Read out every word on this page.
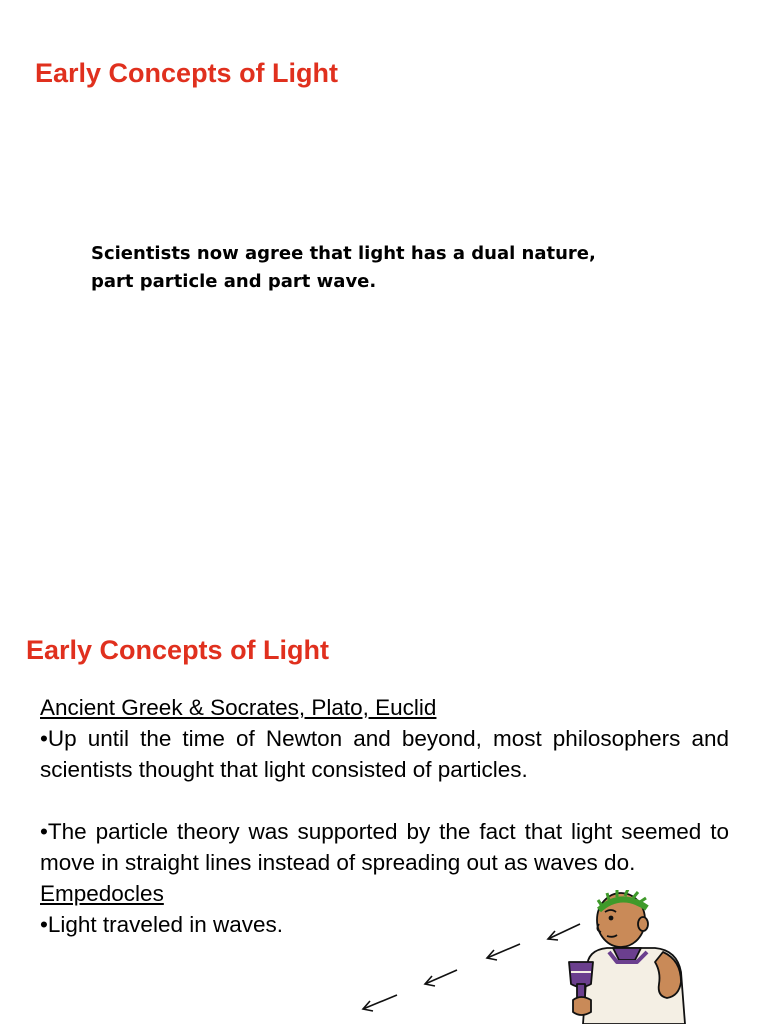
Early Concepts of Light

Scientists now agree that light has a dual nature,
part particle and part wave.

Early Concepts of Light
Ancient Greek & Socrates, Plato, Euclid
•Up until the time of Newton and beyond, most philosophers and scientists thought that light consisted of particles.
•The particle theory was supported by the fact that light seemed to move in straight lines instead of spreading out as waves do.
Empedocles
•Light traveled in waves.
